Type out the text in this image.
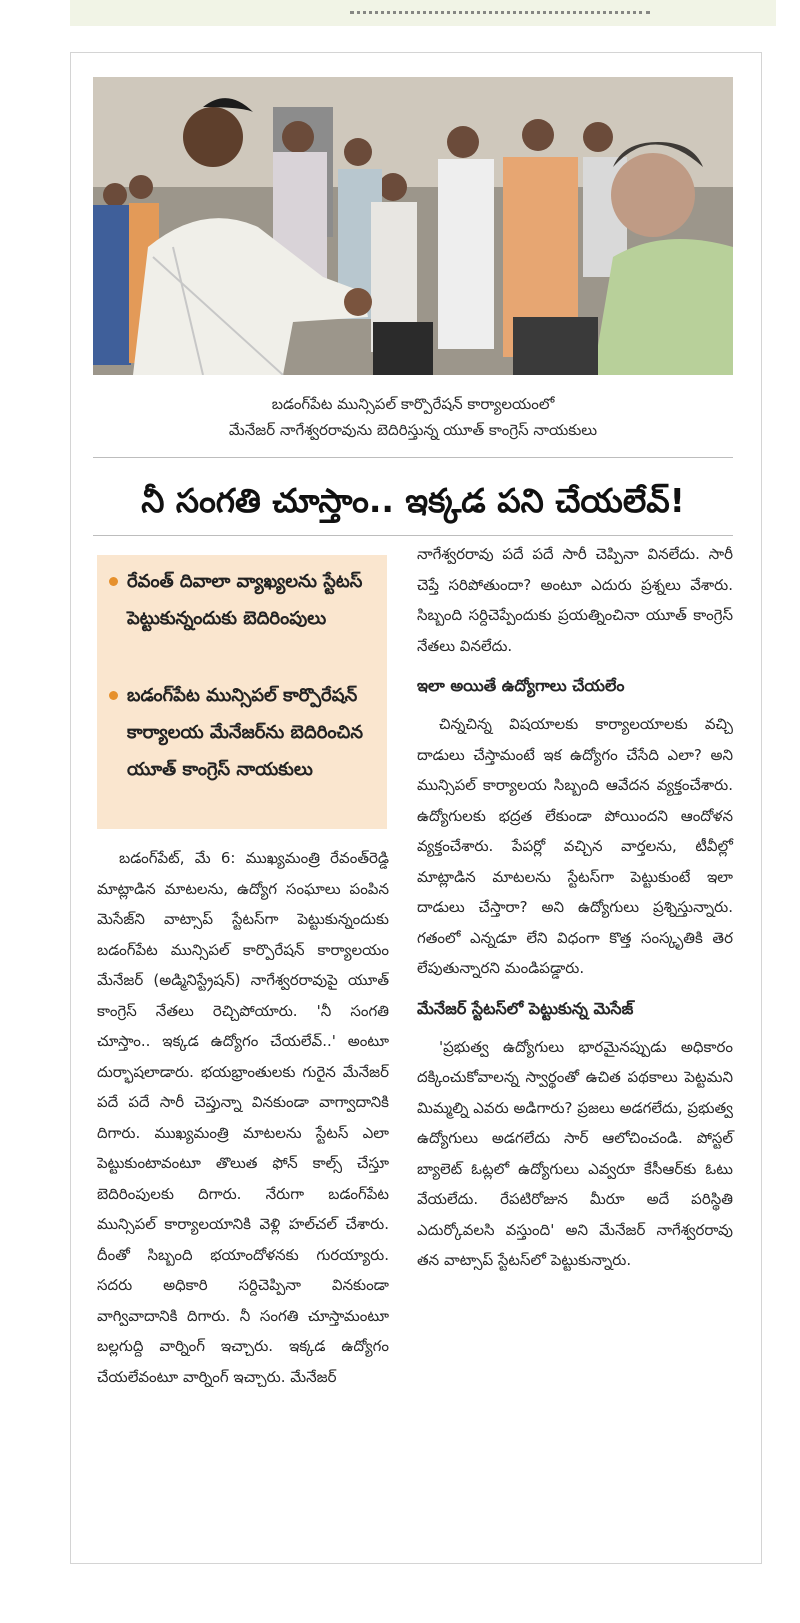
బడంగ్‌పేట మున్సిపల్‌ కార్పొరేషన్‌ కార్యాలయంలో
మేనేజర్‌ నాగేశ్వరరావును బెదిరిస్తున్న యూత్‌ కాంగ్రెస్‌ నాయకులు
నీ సంగతి చూస్తాం.. ఇక్కడ పని చేయలేవ్‌!
రేవంత్‌ దివాలా వ్యాఖ్యలను స్టేటస్‌ పెట్టుకున్నందుకు బెదిరింపులు
బడంగ్‌పేట మున్సిపల్‌ కార్పొరేషన్‌ కార్యాలయ మేనేజర్‌ను బెదిరించిన యూత్‌ కాంగ్రెస్‌ నాయకులు

బడంగ్‌పేట్‌, మే 6: ముఖ్యమంత్రి రేవంత్‌రెడ్డి మాట్లాడిన మాటలను, ఉద్యోగ సంఘాలు పంపిన మెసేజ్‌ని వాట్సాప్‌ స్టేటస్‌గా పెట్టుకున్నందుకు బడంగ్‌పేట మున్సిపల్‌ కార్పొరేషన్‌ కార్యాలయం మేనేజర్‌ (అడ్మినిస్ట్రేషన్‌) నాగేశ్వరరావుపై యూత్‌ కాంగ్రెస్‌ నేతలు రెచ్చిపోయారు. 'నీ సంగతి చూస్తాం.. ఇక్కడ ఉద్యోగం చేయలేవ్‌..' అంటూ దుర్భాషలాడారు. భయభ్రాంతులకు గురైన మేనేజర్‌ పదే పదే సారీ చెప్తున్నా వినకుండా వాగ్వాదానికి దిగారు. ముఖ్యమంత్రి మాటలను స్టేటస్‌ ఎలా పెట్టుకుంటావంటూ తొలుత ఫోన్‌ కాల్స్‌ చేస్తూ బెదిరింపులకు దిగారు. నేరుగా బడంగ్‌పేట మున్సిపల్‌ కార్యాలయానికి వెళ్లి హల్‌చల్‌ చేశారు. దీంతో సిబ్బంది భయాందోళనకు గురయ్యారు. సదరు అధికారి సర్దిచెప్పినా వినకుండా వాగ్వివాదానికి దిగారు. నీ సంగతి చూస్తామంటూ బల్లగుద్ది వార్నింగ్‌ ఇచ్చారు. ఇక్కడ ఉద్యోగం చేయలేవంటూ వార్నింగ్‌ ఇచ్చారు. మేనేజర్‌

నాగేశ్వరరావు పదే పదే సారీ చెప్పినా వినలేదు. సారీ చెప్తే సరిపోతుందా? అంటూ ఎదురు ప్రశ్నలు వేశారు. సిబ్బంది సర్దిచెప్పేందుకు ప్రయత్నించినా యూత్‌ కాంగ్రెస్‌ నేతలు వినలేదు.

ఇలా అయితే ఉద్యోగాలు చేయలేం

చిన్నచిన్న విషయాలకు కార్యాలయాలకు వచ్చి దాడులు చేస్తామంటే ఇక ఉద్యోగం చేసేది ఎలా? అని మున్సిపల్‌ కార్యాలయ సిబ్బంది ఆవేదన వ్యక్తంచేశారు. ఉద్యోగులకు భద్రత లేకుండా పోయిందని ఆందోళన వ్యక్తంచేశారు. పేపర్లో వచ్చిన వార్తలను, టీవీల్లో మాట్లాడిన మాటలను స్టేటస్‌గా పెట్టుకుంటే ఇలా దాడులు చేస్తారా? అని ఉద్యోగులు ప్రశ్నిస్తున్నారు. గతంలో ఎన్నడూ లేని విధంగా కొత్త సంస్కృతికి తెర లేపుతున్నారని మండిపడ్డారు.

మేనేజర్‌ స్టేటస్‌లో పెట్టుకున్న మెసేజ్‌

'ప్రభుత్వ ఉద్యోగులు భారమైనప్పుడు అధికారం దక్కించుకోవాలన్న స్వార్థంతో ఉచిత పథకాలు పెట్టమని మిమ్మల్ని ఎవరు అడిగారు? ప్రజలు అడగలేదు, ప్రభుత్వ ఉద్యోగులు అడగలేదు సార్‌ ఆలోచించండి. పోస్టల్‌ బ్యాలెట్‌ ఓట్లలో ఉద్యోగులు ఎవ్వరూ కేసీఆర్‌కు ఓటు వేయలేదు. రేపటిరోజున మీరూ అదే పరిస్థితి ఎదుర్కోవలసి వస్తుంది' అని మేనేజర్‌ నాగేశ్వరరావు తన వాట్సాప్‌ స్టేటస్‌లో పెట్టుకున్నారు.
